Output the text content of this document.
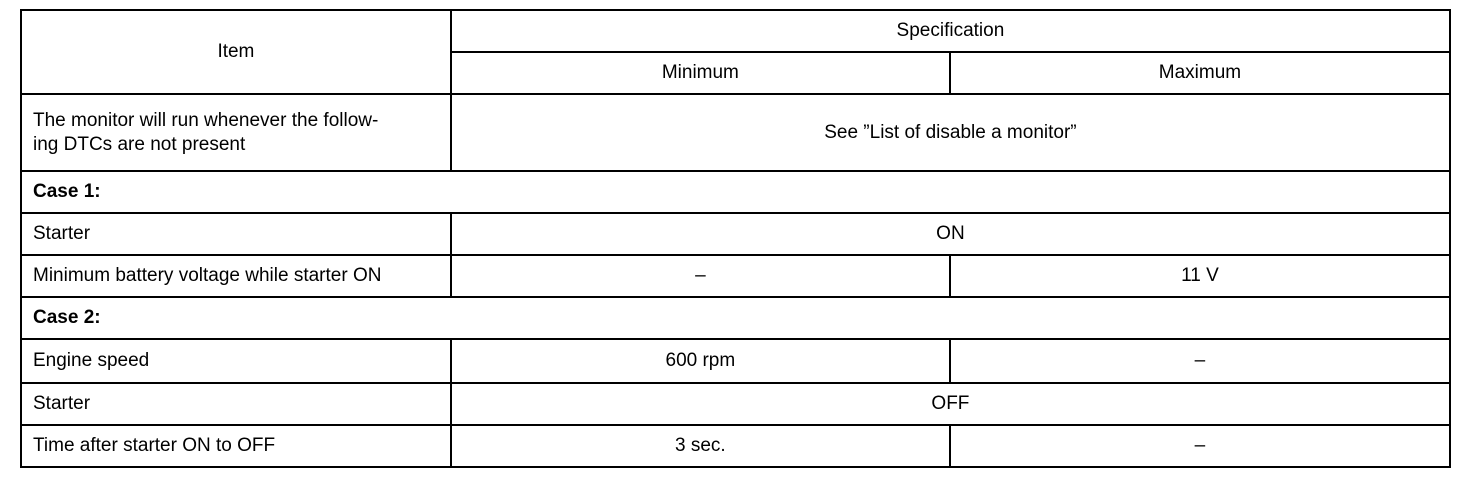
Item	Specification	
	Minimum	Maximum

The monitor will run whenever the follow-
ing DTCs are not present	See ”List of disable a monitor”	
Case 1:		
Starter	ON	
Minimum battery voltage while starter ON	–	11 V
Case 2:		
Engine speed	600 rpm	–
Starter	OFF	
Time after starter ON to OFF	3 sec.	–
